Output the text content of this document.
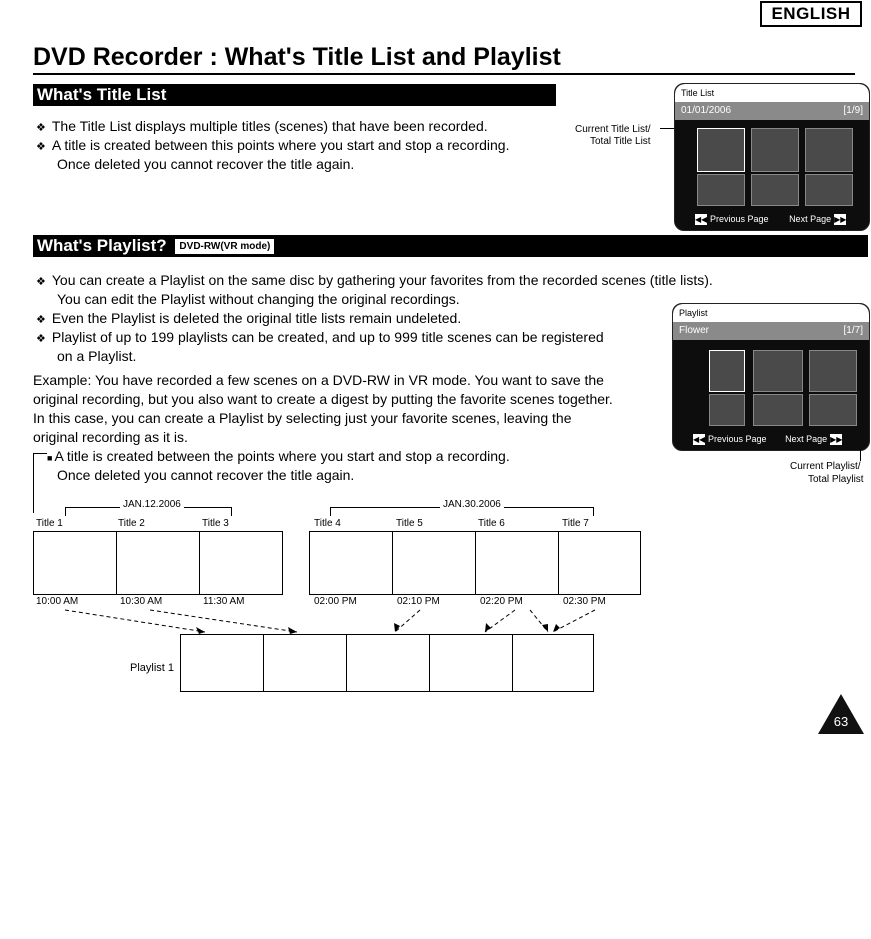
ENGLISH
DVD Recorder : What's Title List and Playlist
What's Title List
❖ The Title List displays multiple titles (scenes) that have been recorded.
❖ A title is created between this points where you start and stop a recording.
Once deleted you cannot recover the title again.
Current Title List/
Total Title List
Title List
01/01/2006	[1/9]
◀◀ Previous Page Next Page ▶▶
What's Playlist? DVD-RW(VR mode)
❖ You can create a Playlist on the same disc by gathering your favorites from the recorded scenes (title lists).
You can edit the Playlist without changing the original recordings.
❖ Even the Playlist is deleted the original title lists remain undeleted.
❖ Playlist of up to 199 playlists can be created, and up to 999 title scenes can be registered
on a Playlist.
Example: You have recorded a few scenes on a DVD-RW in VR mode. You want to save the
original recording, but you also want to create a digest by putting the favorite scenes together.
In this case, you can create a Playlist by selecting just your favorite scenes, leaving the
original recording as it is.
■ A title is created between the points where you start and stop a recording.
Once deleted you cannot recover the title again.
Playlist
Flower	[1/7]
◀◀ Previous Page Next Page ▶▶
Current Playlist/
Total Playlist
JAN.12.2006	JAN.30.2006
Title 1	Title 2	Title 3	Title 4	Title 5	Title 6	Title 7
10:00 AM	10:30 AM	11:30 AM	02:00 PM	02:10 PM	02:20 PM	02:30 PM
Playlist 1
63
